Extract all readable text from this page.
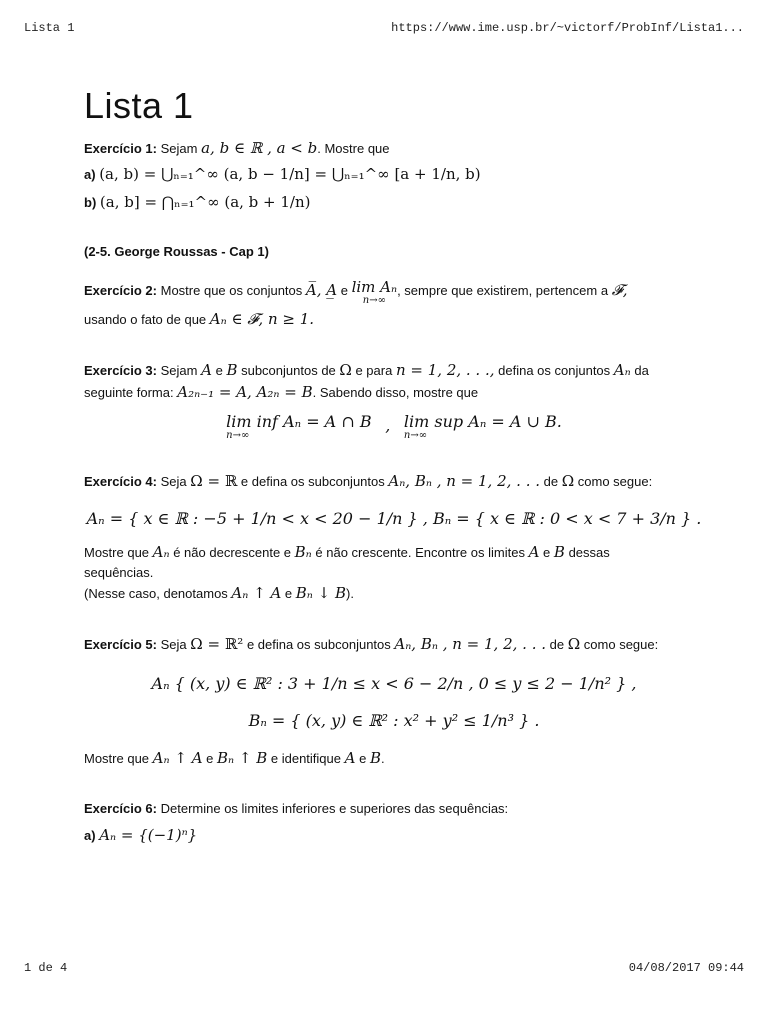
Lista 1	https://www.ime.usp.br/~victorf/ProbInf/Lista1...
Lista 1

Exercício 1: Sejam a, b ∈ ℝ , a < b. Mostre que

a) (a, b) = ⋃ₙ₌₁^∞ (a, b − 1/n] = ⋃ₙ₌₁^∞ [a + 1/n, b)

b) (a, b] = ⋂ₙ₌₁^∞ (a, b + 1/n)

(2-5. George Roussas - Cap 1)

Exercício 2: Mostre que os conjuntos A̅, A̲ e lim Aₙ
n→∞
, sempre que existirem, pertencem a 𝓕,

usando o fato de que Aₙ ∈ 𝓕, n ≥ 1.

Exercício 3: Sejam A e B subconjuntos de Ω e para n = 1, 2, . . ., defina os conjuntos Aₙ da

seguinte forma: A₂ₙ₋₁ = A, A₂ₙ = B. Sabendo disso, mostre que

lim inf Aₙ = A ∩ B
n→∞
, lim sup Aₙ = A ∪ B.
n→∞

Exercício 4: Seja Ω = ℝ e defina os subconjuntos Aₙ, Bₙ , n = 1, 2, . . . de Ω como segue:

Aₙ = { x ∈ ℝ : −5 + 1/n < x < 20 − 1/n } , Bₙ = { x ∈ ℝ : 0 < x < 7 + 3/n } .

Mostre que Aₙ é não decrescente e Bₙ é não crescente. Encontre os limites A e B dessas

sequências.

(Nesse caso, denotamos Aₙ ↑ A e Bₙ ↓ B).

Exercício 5: Seja Ω = ℝ² e defina os subconjuntos Aₙ, Bₙ , n = 1, 2, . . . de Ω como segue:

Aₙ { (x, y) ∈ ℝ² : 3 + 1/n ≤ x < 6 − 2/n , 0 ≤ y ≤ 2 − 1/n² } ,
Bₙ = { (x, y) ∈ ℝ² : x² + y² ≤ 1/n³ } .

Mostre que Aₙ ↑ A e Bₙ ↑ B e identifique A e B.

Exercício 6: Determine os limites inferiores e superiores das sequências:

a) Aₙ = {(−1)ⁿ}

1 de 4	04/08/2017 09:44
